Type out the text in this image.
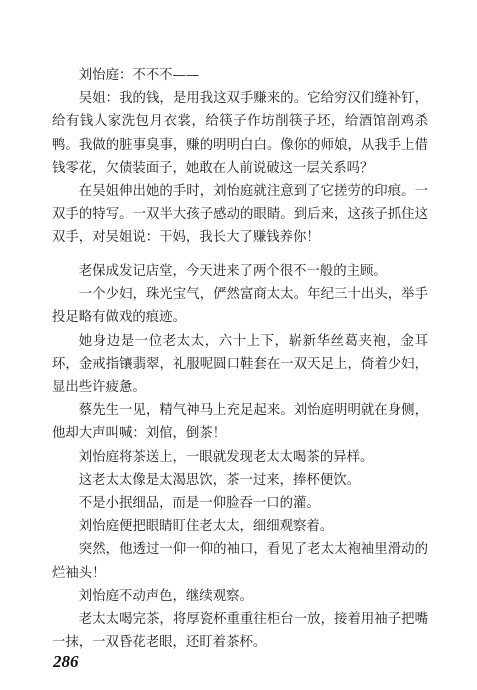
刘怡庭：不不不——

吴姐：我的钱，是用我这双手赚来的。它给穷汉们缝补钉，给有钱人家洗包月衣裳，给筷子作坊削筷子坯，给酒馆剖鸡杀鸭。我做的脏事臭事，赚的明明白白。像你的师娘，从我手上借钱零花，欠债装面子，她敢在人前说破这一层关系吗？

在吴姐伸出她的手时，刘怡庭就注意到了它搓劳的印痕。一双手的特写。一双半大孩子感动的眼睛。到后来，这孩子抓住这双手，对吴姐说：干妈，我长大了赚钱养你！

老保成发记店堂，今天进来了两个很不一般的主顾。

一个少妇，珠光宝气，俨然富商太太。年纪三十出头，举手投足略有做戏的痕迹。

她身边是一位老太太，六十上下，崭新华丝葛夹袍，金耳环，金戒指镶翡翠，礼服呢圆口鞋套在一双天足上，倚着少妇，显出些许疲惫。

蔡先生一见，精气神马上充足起来。刘怡庭明明就在身侧，他却大声叫喊：刘倌，倒茶！

刘怡庭将茶送上，一眼就发现老太太喝茶的异样。

这老太太像是太渴思饮，茶一过来，捧杯便饮。

不是小抿细品，而是一仰脸吞一口的灌。

刘怡庭便把眼睛盯住老太太，细细观察着。

突然，他透过一仰一仰的袖口，看见了老太太袍袖里滑动的烂袖头！

刘怡庭不动声色，继续观察。

老太太喝完茶，将厚瓷杯重重往柜台一放，接着用袖子把嘴一抹，一双昏花老眼，还盯着茶杯。

286
